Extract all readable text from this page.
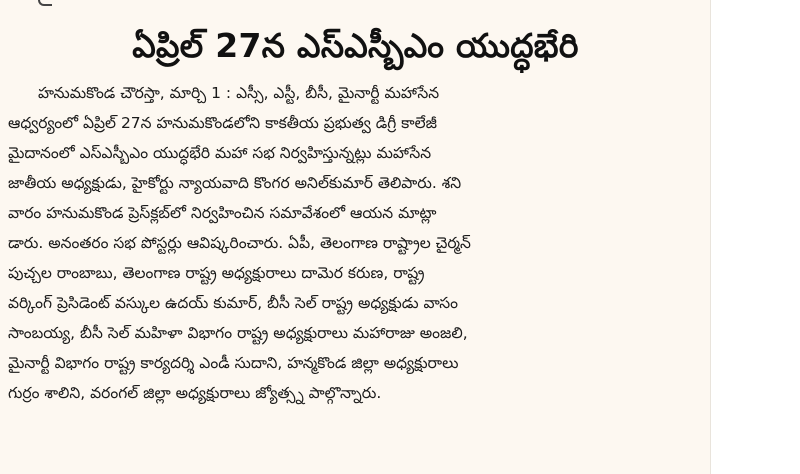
ఏప్రిల్ 27న ఎస్ఎస్బీఎం యుద్ధభేరి
హనుమకొండ చౌరస్తా, మార్చి 1 : ఎస్సీ, ఎస్టీ, బీసీ, మైనార్టీ మహాసేన
ఆధ్వర్యంలో ఏప్రిల్ 27న హనుమకొండలోని కాకతీయ ప్రభుత్వ డిగ్రీ కాలేజీ
మైదానంలో ఎస్ఎస్బీఎం యుద్ధభేరి మహా సభ నిర్వహిస్తున్నట్లు మహాసేన
జాతీయ అధ్యక్షుడు, హైకోర్టు న్యాయవాది కొంగర అనిల్‌కుమార్ తెలిపారు. శని
వారం హనుమకొండ ప్రెస్‌క్లబ్‌లో నిర్వహించిన సమావేశంలో ఆయన మాట్లా
డారు. అనంతరం సభ పోస్టర్లు ఆవిష్కరించారు. ఏపీ, తెలంగాణ రాష్ట్రాల చైర్మన్
పుచ్చల రాంబాబు, తెలంగాణ రాష్ట్ర అధ్యక్షురాలు దామెర కరుణ, రాష్ట్ర
వర్కింగ్ ప్రెసిడెంట్ వస్కుల ఉదయ్ కుమార్, బీసీ సెల్ రాష్ట్ర అధ్యక్షుడు వాసం
సాంబయ్య, బీసీ సెల్ మహిళా విభాగం రాష్ట్ర అధ్యక్షురాలు మహారాజు అంజలి,
మైనార్టీ విభాగం రాష్ట్ర కార్యదర్శి ఎండీ సుదాని, హన్మకొండ జిల్లా అధ్యక్షురాలు
గుర్రం శాలిని, వరంగల్ జిల్లా అధ్యక్షురాలు జ్యోత్స్న పాల్గొన్నారు.
